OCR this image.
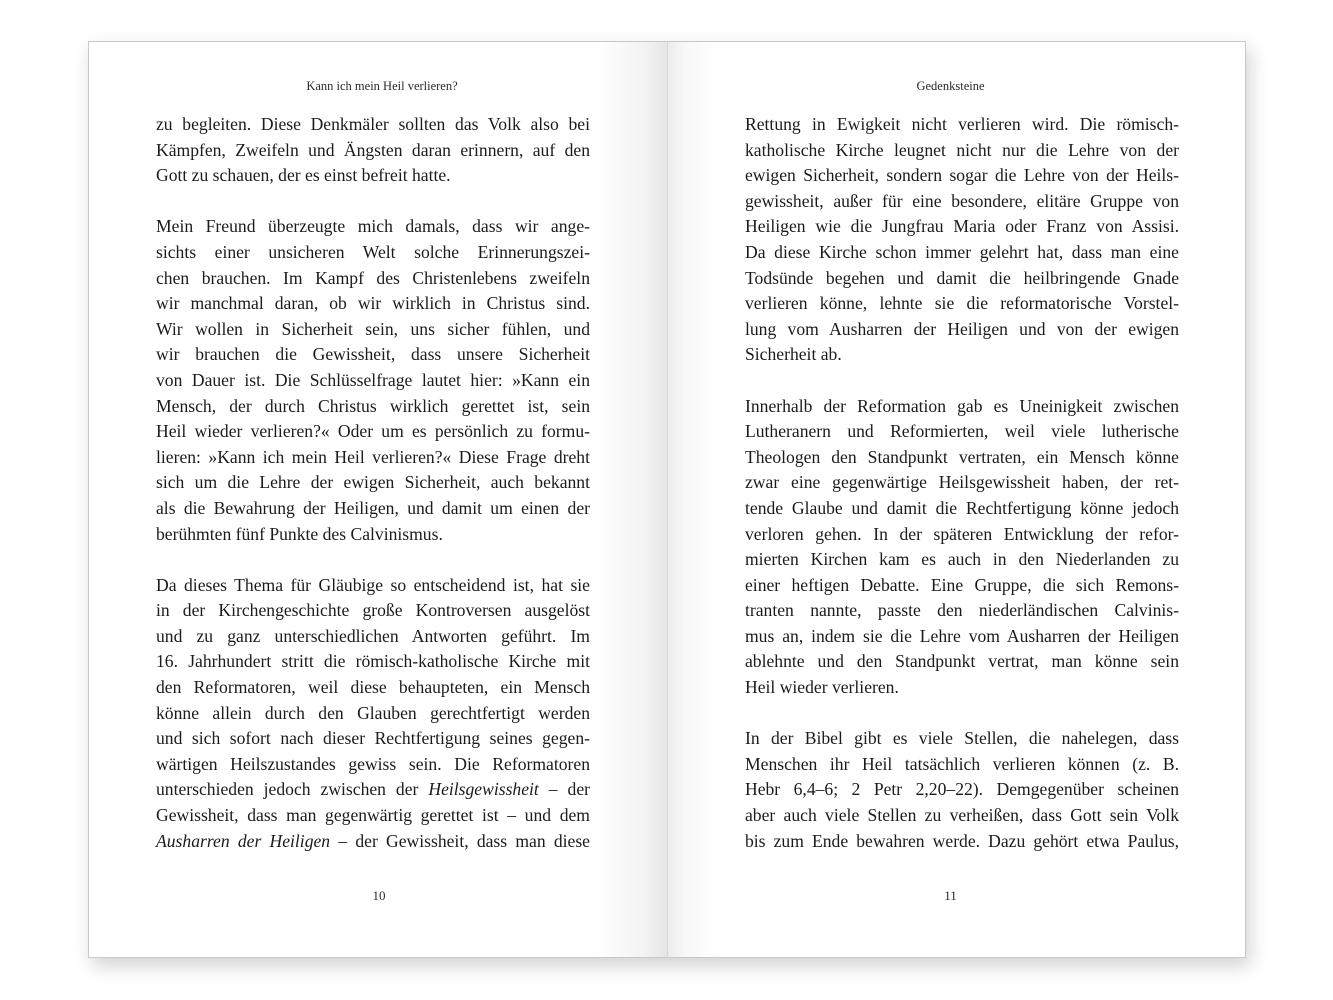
Kann ich mein Heil verlieren?
zu begleiten. Diese Denkmäler sollten das Volk also bei
Kämpfen, Zweifeln und Ängsten daran erinnern, auf den
Gott zu schauen, der es einst befreit hatte.
Mein Freund überzeugte mich damals, dass wir ange-
sichts einer unsicheren Welt solche Erinnerungszei-
chen brauchen. Im Kampf des Christenlebens zweifeln
wir manchmal daran, ob wir wirklich in Christus sind.
Wir wollen in Sicherheit sein, uns sicher fühlen, und
wir brauchen die Gewissheit, dass unsere Sicherheit
von Dauer ist. Die Schlüsselfrage lautet hier: »Kann ein
Mensch, der durch Christus wirklich gerettet ist, sein
Heil wieder verlieren?« Oder um es persönlich zu formu-
lieren: »Kann ich mein Heil verlieren?« Diese Frage dreht
sich um die Lehre der ewigen Sicherheit, auch bekannt
als die Bewahrung der Heiligen, und damit um einen der
berühmten fünf Punkte des Calvinismus.
Da dieses Thema für Gläubige so entscheidend ist, hat sie
in der Kirchengeschichte große Kontroversen ausgelöst
und zu ganz unterschiedlichen Antworten geführt. Im
16. Jahrhundert stritt die römisch-katholische Kirche mit
den Reformatoren, weil diese behaupteten, ein Mensch
könne allein durch den Glauben gerechtfertigt werden
und sich sofort nach dieser Rechtfertigung seines gegen-
wärtigen Heilszustandes gewiss sein. Die Reformatoren
unterschieden jedoch zwischen der Heilsgewissheit – der
Gewissheit, dass man gegenwärtig gerettet ist – und dem
Ausharren der Heiligen – der Gewissheit, dass man diese
10
Gedenksteine
Rettung in Ewigkeit nicht verlieren wird. Die römisch-
katholische Kirche leugnet nicht nur die Lehre von der
ewigen Sicherheit, sondern sogar die Lehre von der Heils-
gewissheit, außer für eine besondere, elitäre Gruppe von
Heiligen wie die Jungfrau Maria oder Franz von Assisi.
Da diese Kirche schon immer gelehrt hat, dass man eine
Todsünde begehen und damit die heilbringende Gnade
verlieren könne, lehnte sie die reformatorische Vorstel-
lung vom Ausharren der Heiligen und von der ewigen
Sicherheit ab.
Innerhalb der Reformation gab es Uneinigkeit zwischen
Lutheranern und Reformierten, weil viele lutherische
Theologen den Standpunkt vertraten, ein Mensch könne
zwar eine gegenwärtige Heilsgewissheit haben, der ret-
tende Glaube und damit die Rechtfertigung könne jedoch
verloren gehen. In der späteren Entwicklung der refor-
mierten Kirchen kam es auch in den Niederlanden zu
einer heftigen Debatte. Eine Gruppe, die sich Remons-
tranten nannte, passte den niederländischen Calvinis-
mus an, indem sie die Lehre vom Ausharren der Heiligen
ablehnte und den Standpunkt vertrat, man könne sein
Heil wieder verlieren.
In der Bibel gibt es viele Stellen, die nahelegen, dass
Menschen ihr Heil tatsächlich verlieren können (z. B.
Hebr 6,4–6; 2 Petr 2,20–22). Demgegenüber scheinen
aber auch viele Stellen zu verheißen, dass Gott sein Volk
bis zum Ende bewahren werde. Dazu gehört etwa Paulus,
11
